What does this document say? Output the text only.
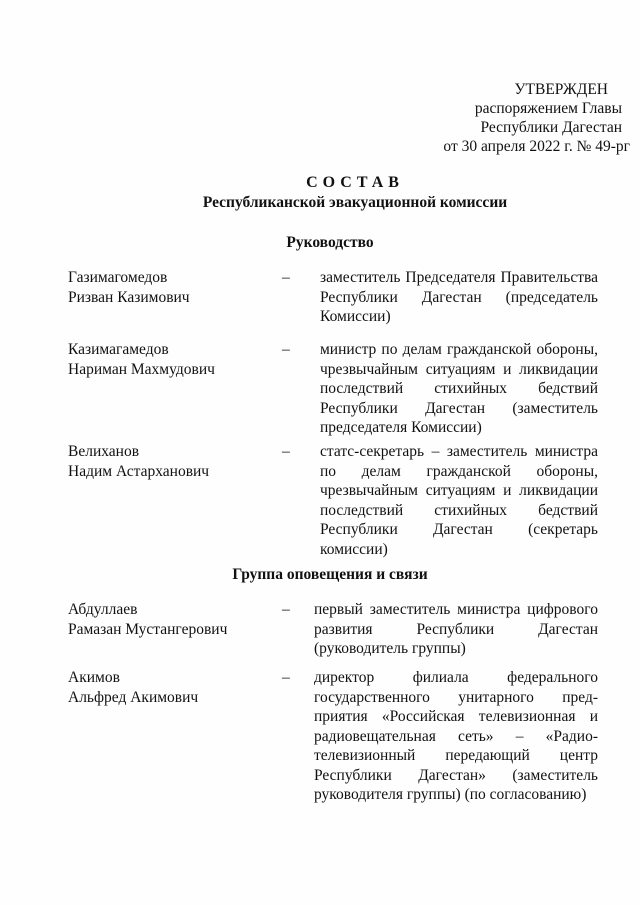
УТВЕРЖДЕН
распоряжением Главы
Республики Дагестан
от 30 апреля 2022 г. № 49-рг
СОСТАВ
Республиканской эвакуационной комиссии
Руководство
Газимагомедов
Ризван Казимович
– заместитель Председателя Правительства Республики Дагестан (председатель Комиссии)
Казимагамедов
Нариман Махмудович
– министр по делам гражданской обороны, чрезвычайным ситуациям и ликвидации последствий стихийных бедствий Республики Дагестан (заместитель председателя Комиссии)
Велиханов
Надим Астарханович
– статс-секретарь – заместитель министра по делам гражданской обороны, чрезвычайным ситуациям и ликвидации последствий стихийных бедствий Республики Дагестан (секретарь комиссии)
Группа оповещения и связи
Абдуллаев
Рамазан Мустангерович
– первый заместитель министра цифрового развития Республики Дагестан (руководитель группы)
Акимов
Альфред Акимович
– директор филиала федерального государственного унитарного пред- приятия «Российская телевизионная и радиовещательная сеть» – «Радио- телевизионный передающий центр Республики Дагестан» (заместитель руководителя группы) (по согласованию)
